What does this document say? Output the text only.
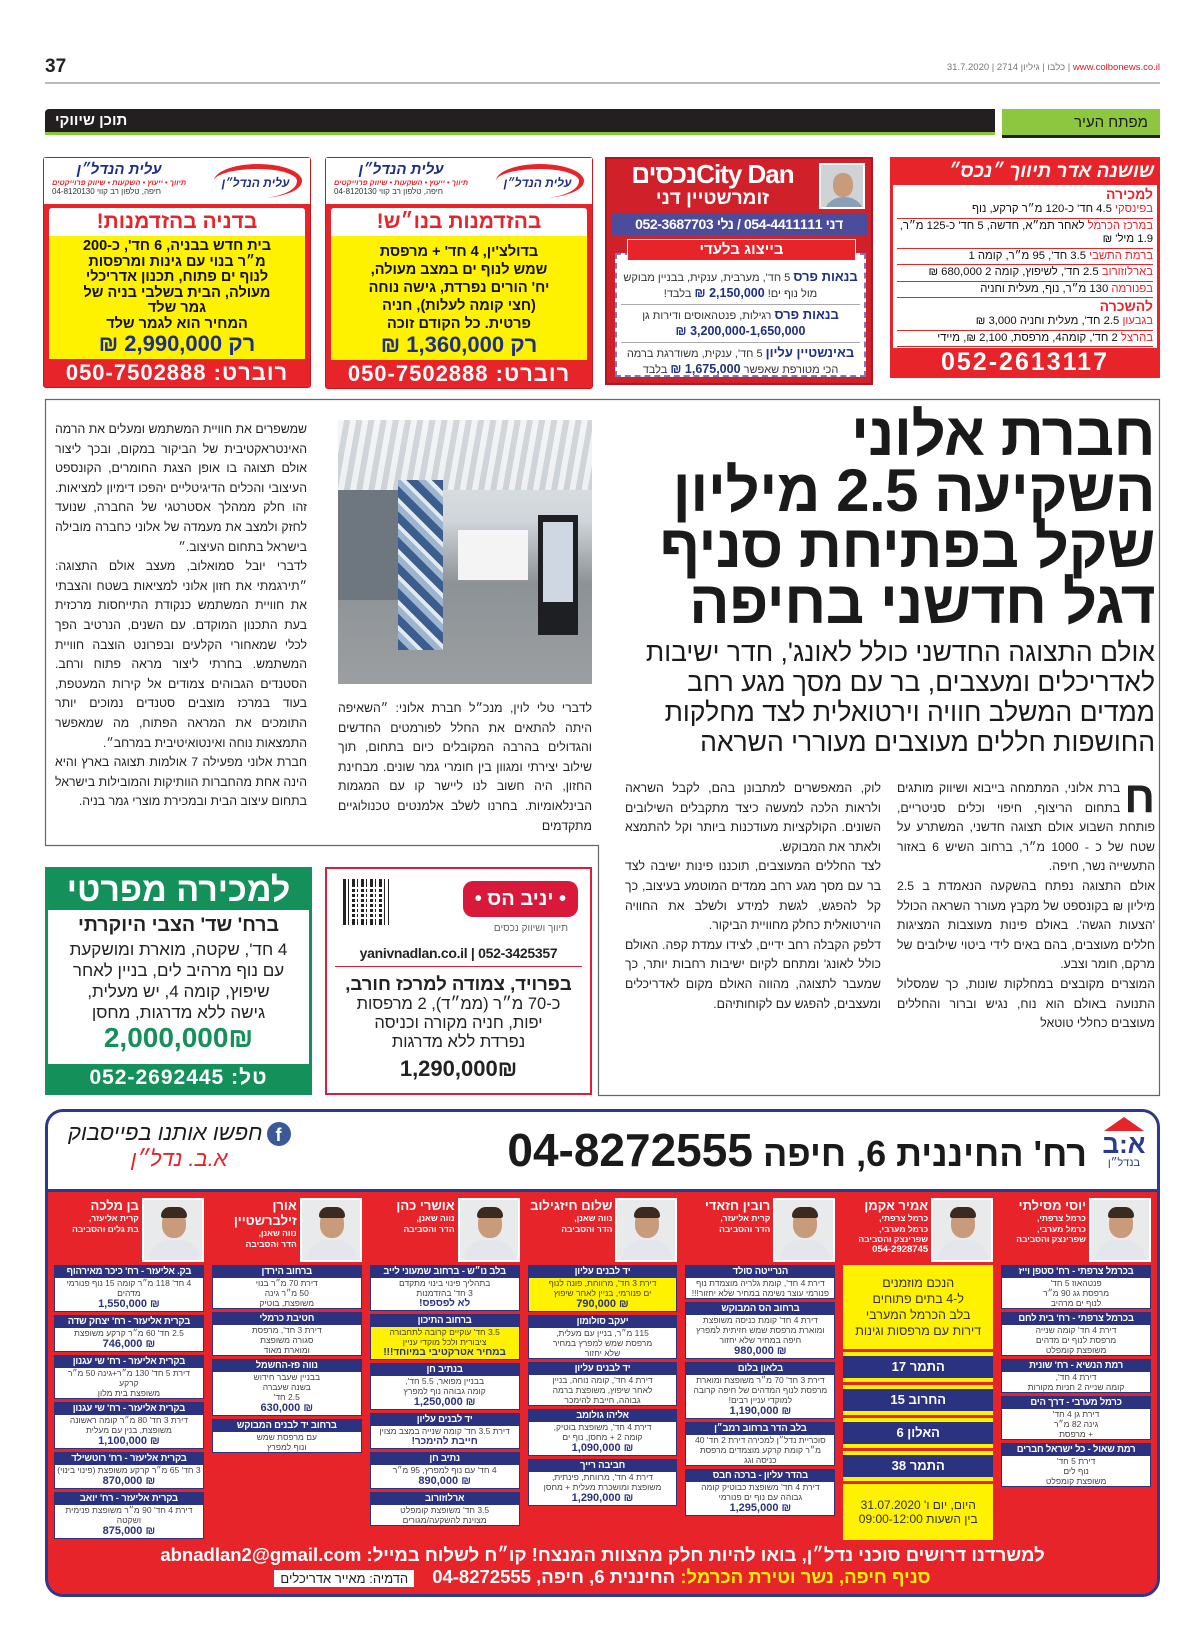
37	www.colbonews.co.il | כלבו | גיליון 2714 | 31.7.2020
תוכן שיווקי	מפתח העיר
עלית הנדל״ן
עלית הנדל״ן
תיווך • ייעוץ • השקעות • שיווק פרוייקטים
חיפה, טלפון רב קווי 04-8120130
בדניה בהזדמנות!
בית חדש בבניה, 6 חד', כ-200
מ״ר בנוי עם גינות ומרפסות
לנוף ים פתוח, תכנון אדריכלי
מעולה, הבית בשלבי בניה של
גמר שלד
המחיר הוא לגמר שלד
רק 2,990,000 ₪
רוברט: 050-7502888
עלית הנדל״ן
עלית הנדל״ן
תיווך • ייעוץ • השקעות • שיווק פרוייקטים
חיפה, טלפון רב קווי 04-8120130
בהזדמנות בנו״ש!
בדולצ'ין, 4 חד' + מרפסת
שמש לנוף ים במצב מעולה,
יח' הורים נפרדת, גישה נוחה
(חצי קומה לעלות), חניה
פרטית. כל הקודם זוכה
רק 1,360,000 ₪
רוברט: 050-7502888
City Danנכסים
זומרשטיין דני
דני 054-4411111 / נלי 052-3687703
בייצוג בלעדי
בנאות פרס 5 חד', מערבית, ענקית, בבניין מבוקש מול נוף ים! 2,150,000 ₪ בלבד!
בנאות פרס רגילות, פנטהאוסים ודירות גן
3,200,000-1,650,000 ₪
באינשטיין עליון 5 חד', ענקית, משודרגת ברמה הכי מטורפת שאפשר 1,675,000 ₪ בלבד
שושנה אדר תיווך ״נכס״
למכירה
בפינסקי 4.5 חד' כ-120 מ״ר קרקע, נוף
במרכז הכרמל לאחר תמ״א, חדשה, 5 חד' כ-125 מ״ר, 1.9 מיל' ₪
ברמת התשבי 3.5 חד', 95 מ״ר, קומה 1
בארלוזורוב 2.5 חד', לשיפוץ, קומה 2 680,000 ₪
בפנורמה 130 מ״ר, נוף, מעלית וחניה
להשכרה
בגבעון 2.5 חד', מעלית וחניה 3,000 ₪
בהרצל 2 חד', קומה4, מרפסת, 2,100 ₪, מיידי
052-2613117
חברת אלוני
השקיעה 2.5 מיליון
שקל בפתיחת סניף
דגל חדשני בחיפה
אולם התצוגה החדשני כולל לאונג', חדר ישיבות לאדריכלים ומעצבים, בר עם מסך מגע רחב ממדים המשלב חוויה וירטואלית לצד מחלקות החושפות חללים מעוצבים מעוררי השראה

ח
ברת אלוני, המתמחה בייבוא ושיווק מותגים בתחום הריצוף, חיפוי וכלים סניטריים, פותחת השבוע אולם תצוגה חדשני, המשתרע על שטח של כ - 1000 מ״ר, ברחוב השיש 6 באזור התעשייה נשר, חיפה.

אולם התצוגה נפתח בהשקעה הנאמדת ב 2.5 מיליון ₪ בקונספט של מקבץ מעורר השראה הכולל 'הצעות הגשה'. באולם פינות מעוצבות המציגות חללים מעוצבים, בהם באים לידי ביטוי שילובים של מרקם, חומר וצבע.

המוצרים מקובצים במחלקות שונות, כך שמסלול התנועה באולם הוא נוח, נגיש וברור והחללים מעוצבים כחללי טוטאל

לוק, המאפשרים למתבונן בהם, לקבל השראה ולראות הלכה למעשה כיצד מתקבלים השילובים השונים. הקולקציות מעודכנות ביותר וקל להתמצא ולאתר את המבוקש.

לצד החללים המעוצבים, תוכננו פינות ישיבה לצד בר עם מסך מגע רחב ממדים המוטמע בעיצוב, כך קל להפגש, לגשת למידע ולשלב את החוויה הוירטואלית כחלק מחוויית הביקור.

דלפק הקבלה רחב ידיים, לצידו עמדת קפה. האולם כולל לאונג' ומתחם לקיום ישיבות רחבות יותר, כך שמעבר לתצוגה, מהווה האולם מקום לאדריכלים ומעצבים, להפגש עם לקוחותיהם.

לדברי טלי לוין, מנכ״ל חברת אלוני: ״השאיפה היתה להתאים את החלל לפורמטים החדשים והגדולים בהרבה המקובלים כיום בתחום, תוך שילוב יצירתי ומגוון בין חומרי גמר שונים. מבחינת החזון, היה חשוב לנו ליישר קו עם המגמות הבינלאומיות. בחרנו לשלב אלמנטים טכנולוגיים מתקדמים

שמשפרים את חוויית המשתמש ומעלים את הרמה האינטראקטיבית של הביקור במקום, ובכך ליצור אולם תצוגה בו אופן הצגת החומרים, הקונספט העיצובי והכלים הדיגיטליים יהפכו דימיון למציאות. זהו חלק ממהלך אסטרטגי של החברה, שנועד לחזק ולמצב את מעמדה של אלוני כחברה מובילה בישראל בתחום העיצוב.״

לדברי יובל סמואלוב, מעצב אולם התצוגה: ״תירגמתי את חזון אלוני למציאות בשטח והצבתי את חוויית המשתמש כנקודת התייחסות מרכזית בעת התכנון המוקדם. עם השנים, הנרטיב הפך לכלי שמאחורי הקלעים ובפרונט הוצבה חוויית המשתמש. בחרתי ליצור מראה פתוח ורחב. הסטנדים הגבוהים צמודים אל קירות המעטפת, בעוד במרכז מוצבים סטנדים נמוכים יותר התומכים את המראה הפתוח, מה שמאפשר התמצאות נוחה ואינטואיטיבית במרחב״.

חברת אלוני מפעילה 7 אולמות תצוגה בארץ והיא הינה אחת מהחברות הוותיקות והמובילות בישראל בתחום עיצוב הבית ובמכירת מוצרי גמר בניה.

למכירה מפרטי
ברח' שד' הצבי היוקרתי
4 חד', שקטה, מוארת ומושקעת
עם נוף מרהיב לים, בניין לאחר
שיפוץ, קומה 4, יש מעלית,
גישה ללא מדרגות, מחסן
2,000,000₪
טל: 052-2692445
• יניב הס •
תיווך ושיווק נכסים
yanivnadlan.co.il | 052-3425357
בפרויד, צמודה למרכז חורב,
כ-70 מ״ר (ממ״ד), 2 מרפסות
יפות, חניה מקורה וכניסה
נפרדת ללא מדרגות
1,290,000₪
א:ב
בנדל״ן
רח' החיננית 6, חיפה04-8272555
fחפשו אותנו בפייסבוק
א.ב. נדל״ן
יוסי מסילתי
כרמל צרפתי,
כרמל מערבי,
שפרינצק והסביבה
בכרמל צרפתי - רח' סטפן וייז
פנטהאוז 5 חד'
מרפסת גג 90 מ״ר
לנוף ים מרהיב
בכרמל צרפתי - רח' בית לחם
דירת 4 חד' קומה שנייה
מרפסת לנוף ים מדהים
משופצת קומפלט
רמת הנשיא - רח' שונית
דירת 4 חד',
קומה שנייה 2 חניות מקורות
כרמל מערבי - דרך הים
דירת גן 4 חד'
גינה 82 מ״ר
+ מרפסת
רמת שאול - כל ישראל חברים
דירת 5 חד'
נוף לים
משופצת קומפלט
אמיר אקמן
כרמל צרפתי,
כרמל מערבי,
שפרינצק והסביבה
054-2928745
הנכם מוזמנים
ל-4 בתים פתוחים
בלב הכרמל המערבי
דירות עם מרפסות וגינות
התמר 17
החרוב 15
האלון 6
התמר 38
היום, יום ו' 31.07.2020
בין השעות 09:00-12:00
רובין חזאדי
קרית אליעזר,
הדר והסביבה
הנרייטה סולד
דירת 4 חד', קומת גלריה מוצמדת נוף
פנורמי עוצר נשימה במחיר שלא יחזור!!!
ברחוב הס המבוקש
דירת 4 חד' קומת כניסה משופצת
ומוארת מרפסת שמש חזיתית למפרץ
חיפה במחיר שלא יחזור
₪ 980,000
בלאון בלום
דירת 3 חד' 70 מ״ר משופצת ומוארת
מרפסת לנוף המדהים של חיפה קרובה
למוקדי עניין רבים!
₪ 1,190,000
בלב הדר ברחוב רמב״ן
סוכריית נדל״ן למכירה דירת 2 חד' 40
מ״ר קומת קרקע מוצמדים מרפסת
כניסה וגג
בהדר עליון - ברכה חבס
דירת 4 חד' משופצת כבוטיק קומה
גבוהה עם נוף ים פנורמי
₪ 1,295,000
שלום חיזגילוב
נווה שאנן,
הדר והסביבה
יד לבנים עליון
דירת 3 חד', מרווחת, פונה לנוף
ים פנורמי, בניין לאחר שיפוץ
₪ 790,000
יעקב סולומון
115 מ״ר, בניין עם מעלית,
מרפסת שמש למפרץ במחיר
שלא יחזור
יד לבנים עליון
דירת 4 חד', קומה נוחה, בניין
לאחר שיפוץ, משופצת ברמה
גבוהה, חייבת להימכר
אליהו גולומב
דירת 4 חד', משופצת בוטיק,
קומה 2 + מחסן, נוף ים
₪ 1,090,000
חביבה רייך
דירת 4 חד', מרווחת, פינתית,
משופצת ומושכרת מעלית + מחסן
₪ 1,290,000
אושרי כהן
נווה שאנן,
הדר והסביבה
בלב נו״ש - ברחוב שמעוני לייב
בתהליך פינוי בינוי מתקדם
3 חד' בהזדמנות
לא לפספס!
ברחוב התיכון
3.5 חד' עוקיים קרובה לתחבורה
ציבורית ולכל מוקדי עניין
במחיר אטרקטיבי במיוחד!!!
בנתיב חן
בבניין מפואר, 5.5 חד',
קומה גבוהה נוף למפרץ
₪ 1,250,000
יד לבנים עליון
דירת 3.5 חד' קומה שנייה במצב מצוין
חייבת להימכר!
נתיב חן
4 חד' עם נוף למפרץ, 95 מ״ר
₪ 890,000
ארלוזורוב
3.5 חד' משופצת קומפלט
מצוינת להשקעה/מגורים
אורן זילברשטיין
נווה שאנן,
הדר והסביבה
ברחוב הירדן
דירת 70 מ״ר בנוי
50 מ״ר גינה
משופצת, בוטיק
חטיבת כרמלי
דירת 3 חד', מרפסת
סגורה משופצת
ומוארת מאוד
נווה פז-החשמל
בבניין שעבר חידוש
בשנה שעברה
2.5 חד'
₪ 630,000
ברחוב יד לבנים המבוקש
עם מרפסת שמש
ונוף למפרץ
בן מלכה
קרית אליעזר,
בת גלים והסביבה
בק. אליעזר - רח' כיכר מאירהוף
4 חד' 118 מ״ר קומה 15 נוף פנורמי מדהים
₪ 1,550,000
בקרית אליעזר - רח' יצחק שדה
2.5 חד' 60 מ״ר קרקע משופצת
₪ 746,000
בקרית אליעזר - רח' שי עגנון
דירת 5 חד' 130 מ״ר+גינה 50 מ״ר קרקע
משופצת בית מלון
בקרית אליעזר - רח' שי עגנון
דירת 3 חד' 80 מ״ר קומה ראשונה
משופצת, בנין עם מעלית
₪ 1,100,000
בקרית אליעזר - רח' רוטשילד
3 חד' 65 מ״ר קרקע משופצת (פינוי בינוי)
₪ 870,000
בקרית אליעזר - רח' יואב
דירת 4 חד' 90 מ״ר משופצת פנימית ושקטה
₪ 875,000
למשרדנו דרושים סוכני נדל״ן, בואו להיות חלק מהצוות המנצח! קו״ח לשלוח במייל: abnadlan2@gmail.com
סניף חיפה, נשר וטירת הכרמל: החיננית 6, חיפה, 04-8272555הדמיה: מאייר אדריכלים
